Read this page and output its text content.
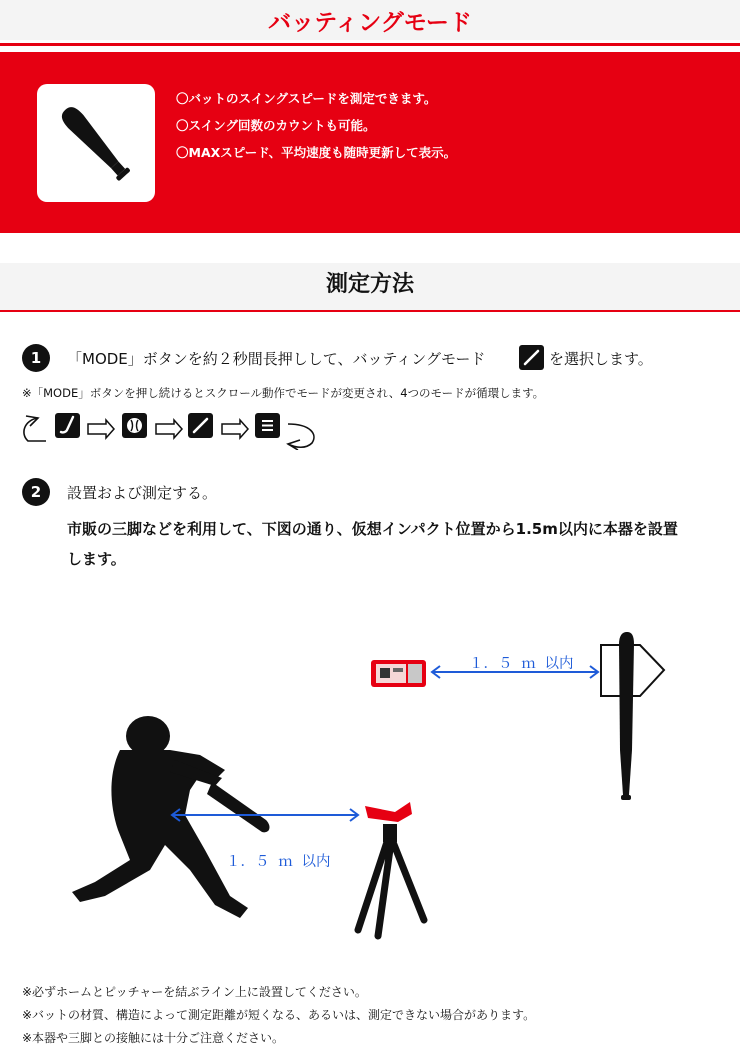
バッティングモード
〇バットのスイングスピードを測定できます。
〇スイング回数のカウントも可能。
〇MAXスピード、平均速度も随時更新して表示。
測定方法
1	「MODE」ボタンを約２秒間長押しして、バッティングモード	を選択します。
※「MODE」ボタンを押し続けるとスクロール動作でモードが変更され、4つのモードが循環します。
2	設置および測定する。
市販の三脚などを利用して、下図の通り、仮想インパクト位置から1.5m以内に本器を設置
します。
１．５ ｍ 以内
１．５ ｍ 以内
※必ずホームとピッチャーを結ぶライン上に設置してください。
※バットの材質、構造によって測定距離が短くなる、あるいは、測定できない場合があります。
※本器や三脚との接触には十分ご注意ください。
